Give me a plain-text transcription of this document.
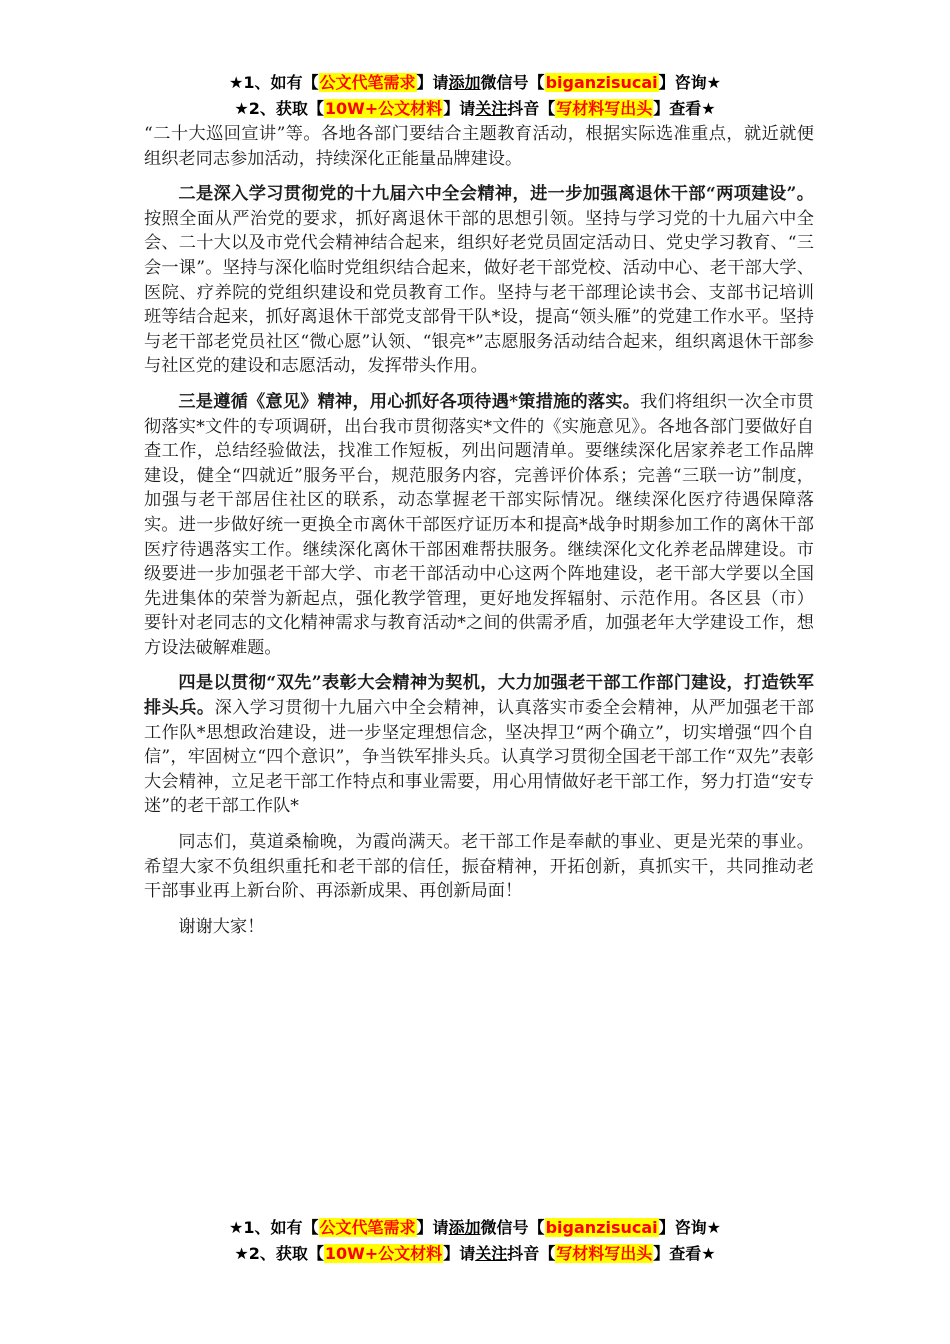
★1、如有【公文代笔需求】请添加微信号【biganzisucai】咨询★
★2、获取【10W+公文材料】请关注抖音【写材料写出头】查看★

“二十大巡回宣讲”等。各地各部门要结合主题教育活动，根据实际选准重点，就近就便组织老同志参加活动，持续深化正能量品牌建设。

二是深入学习贯彻党的十九届六中全会精神，进一步加强离退休干部“两项建设”。按照全面从严治党的要求，抓好离退休干部的思想引领。坚持与学习党的十九届六中全会、二十大以及市党代会精神结合起来，组织好老党员固定活动日、党史学习教育、“三会一课”。坚持与深化临时党组织结合起来，做好老干部党校、活动中心、老干部大学、医院、疗养院的党组织建设和党员教育工作。坚持与老干部理论读书会、支部书记培训班等结合起来，抓好离退休干部党支部骨干队*设，提高“领头雁”的党建工作水平。坚持与老干部老党员社区“微心愿”认领、“银亮*”志愿服务活动结合起来，组织离退休干部参与社区党的建设和志愿活动，发挥带头作用。

三是遵循《意见》精神，用心抓好各项待遇*策措施的落实。我们将组织一次全市贯彻落实*文件的专项调研，出台我市贯彻落实*文件的《实施意见》。各地各部门要做好自查工作，总结经验做法，找准工作短板，列出问题清单。要继续深化居家养老工作品牌建设，健全“四就近”服务平台，规范服务内容，完善评价体系；完善“三联一访”制度，加强与老干部居住社区的联系，动态掌握老干部实际情况。继续深化医疗待遇保障落实。进一步做好统一更换全市离休干部医疗证历本和提高*战争时期参加工作的离休干部医疗待遇落实工作。继续深化离休干部困难帮扶服务。继续深化文化养老品牌建设。市级要进一步加强老干部大学、市老干部活动中心这两个阵地建设，老干部大学要以全国先进集体的荣誉为新起点，强化教学管理，更好地发挥辐射、示范作用。各区县（市）要针对老同志的文化精神需求与教育活动*之间的供需矛盾，加强老年大学建设工作，想方设法破解难题。

四是以贯彻“双先”表彰大会精神为契机，大力加强老干部工作部门建设，打造铁军排头兵。深入学习贯彻十九届六中全会精神，认真落实市委全会精神，从严加强老干部工作队*思想政治建设，进一步坚定理想信念，坚决捍卫“两个确立”，切实增强“四个自信”，牢固树立“四个意识”，争当铁军排头兵。认真学习贯彻全国老干部工作“双先”表彰大会精神，立足老干部工作特点和事业需要，用心用情做好老干部工作，努力打造“安专迷”的老干部工作队*

同志们，莫道桑榆晚，为霞尚满天。老干部工作是奉献的事业、更是光荣的事业。希望大家不负组织重托和老干部的信任，振奋精神，开拓创新，真抓实干，共同推动老干部事业再上新台阶、再添新成果、再创新局面！

谢谢大家！

★1、如有【公文代笔需求】请添加微信号【biganzisucai】咨询★
★2、获取【10W+公文材料】请关注抖音【写材料写出头】查看★
